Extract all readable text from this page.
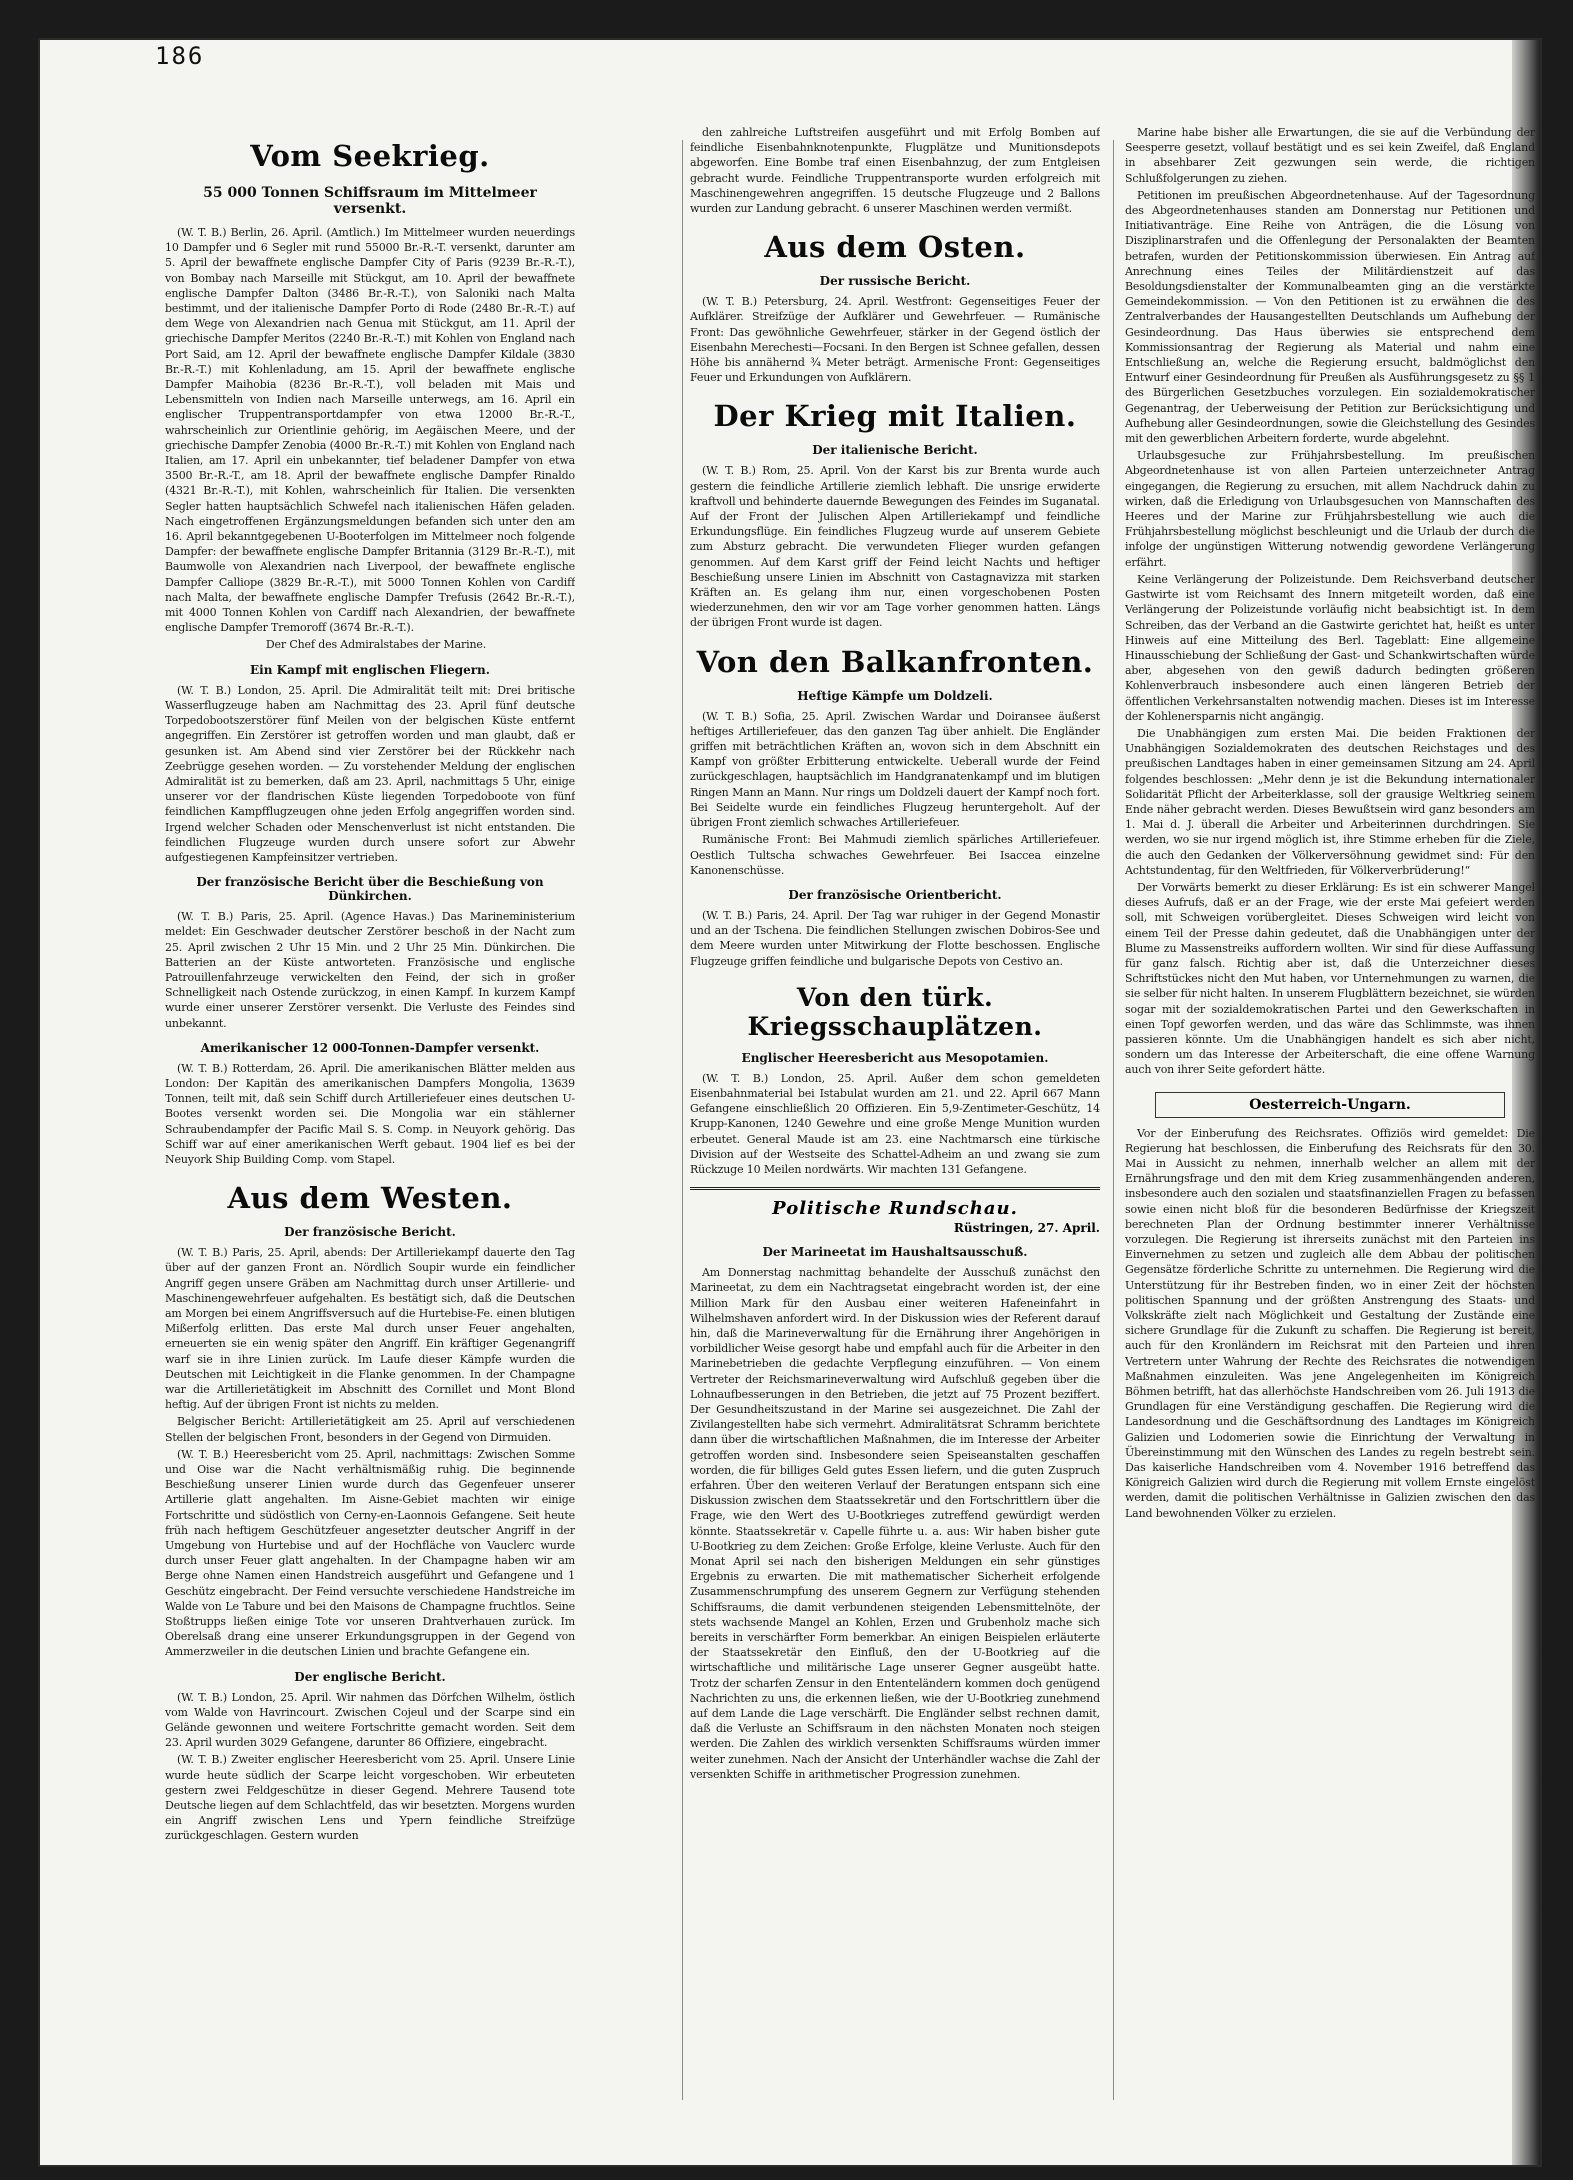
186
Vom Seekrieg.
55 000 Tonnen Schiffsraum im Mittelmeer versenkt.

(W. T. B.) Berlin, 26. April. (Amtlich.) Im Mittelmeer wurden neuerdings 10 Dampfer und 6 Segler mit rund 55000 Br.-R.-T. versenkt, darunter am 5. April der bewaffnete englische Dampfer City of Paris (9239 Br.-R.-T.), von Bombay nach Marseille mit Stückgut, am 10. April der bewaffnete englische Dampfer Dalton (3486 Br.-R.-T.), von Saloniki nach Malta bestimmt, und der italienische Dampfer Porto di Rode (2480 Br.-R.-T.) auf dem Wege von Alexandrien nach Genua mit Stückgut, am 11. April der griechische Dampfer Meritos (2240 Br.-R.-T.) mit Kohlen von England nach Port Said, am 12. April der bewaffnete englische Dampfer Kildale (3830 Br.-R.-T.) mit Kohlenladung, am 15. April der bewaffnete englische Dampfer Maihobia (8236 Br.-R.-T.), voll beladen mit Mais und Lebensmitteln von Indien nach Marseille unterwegs, am 16. April ein englischer Truppentransportdampfer von etwa 12000 Br.-R.-T., wahrscheinlich zur Orientlinie gehörig, im Aegäischen Meere, und der griechische Dampfer Zenobia (4000 Br.-R.-T.) mit Kohlen von England nach Italien, am 17. April ein unbekannter, tief beladener Dampfer von etwa 3500 Br.-R.-T., am 18. April der bewaffnete englische Dampfer Rinaldo (4321 Br.-R.-T.), mit Kohlen, wahrscheinlich für Italien. Die versenkten Segler hatten hauptsächlich Schwefel nach italienischen Häfen geladen. Nach eingetroffenen Ergänzungsmeldungen befanden sich unter den am 16. April bekanntgegebenen U-Booterfolgen im Mittelmeer noch folgende Dampfer: der bewaffnete englische Dampfer Britannia (3129 Br.-R.-T.), mit Baumwolle von Alexandrien nach Liverpool, der bewaffnete englische Dampfer Calliope (3829 Br.-R.-T.), mit 5000 Tonnen Kohlen von Cardiff nach Malta, der bewaffnete englische Dampfer Trefusis (2642 Br.-R.-T.), mit 4000 Tonnen Kohlen von Cardiff nach Alexandrien, der bewaffnete englische Dampfer Tremoroff (3674 Br.-R.-T.).

Der Chef des Admiralstabes der Marine.

Ein Kampf mit englischen Fliegern.

(W. T. B.) London, 25. April. Die Admiralität teilt mit: Drei britische Wasserflugzeuge haben am Nachmittag des 23. April fünf deutsche Torpedobootszerstörer fünf Meilen von der belgischen Küste entfernt angegriffen. Ein Zerstörer ist getroffen worden und man glaubt, daß er gesunken ist. Am Abend sind vier Zerstörer bei der Rückkehr nach Zeebrügge gesehen worden. — Zu vorstehender Meldung der englischen Admiralität ist zu bemerken, daß am 23. April, nachmittags 5 Uhr, einige unserer vor der flandrischen Küste liegenden Torpedoboote von fünf feindlichen Kampfflugzeugen ohne jeden Erfolg angegriffen worden sind. Irgend welcher Schaden oder Menschenverlust ist nicht entstanden. Die feindlichen Flugzeuge wurden durch unsere sofort zur Abwehr aufgestiegenen Kampfeinsitzer vertrieben.

Der französische Bericht über die Beschießung von Dünkirchen.

(W. T. B.) Paris, 25. April. (Agence Havas.) Das Marineministerium meldet: Ein Geschwader deutscher Zerstörer beschoß in der Nacht zum 25. April zwischen 2 Uhr 15 Min. und 2 Uhr 25 Min. Dünkirchen. Die Batterien an der Küste antworteten. Französische und englische Patrouillenfahrzeuge verwickelten den Feind, der sich in großer Schnelligkeit nach Ostende zurückzog, in einen Kampf. In kurzem Kampf wurde einer unserer Zerstörer versenkt. Die Verluste des Feindes sind unbekannt.

Amerikanischer 12 000-Tonnen-Dampfer versenkt.

(W. T. B.) Rotterdam, 26. April. Die amerikanischen Blätter melden aus London: Der Kapitän des amerikanischen Dampfers Mongolia, 13639 Tonnen, teilt mit, daß sein Schiff durch Artilleriefeuer eines deutschen U-Bootes versenkt worden sei. Die Mongolia war ein stählerner Schraubendampfer der Pacific Mail S. S. Comp. in Neuyork gehörig. Das Schiff war auf einer amerikanischen Werft gebaut. 1904 lief es bei der Neuyork Ship Building Comp. vom Stapel.

Aus dem Westen.
Der französische Bericht.

(W. T. B.) Paris, 25. April, abends: Der Artilleriekampf dauerte den Tag über auf der ganzen Front an. Nördlich Soupir wurde ein feindlicher Angriff gegen unsere Gräben am Nachmittag durch unser Artillerie- und Maschinengewehrfeuer aufgehalten. Es bestätigt sich, daß die Deutschen am Morgen bei einem Angriffsversuch auf die Hurtebise-Fe. einen blutigen Mißerfolg erlitten. Das erste Mal durch unser Feuer angehalten, erneuerten sie ein wenig später den Angriff. Ein kräftiger Gegenangriff warf sie in ihre Linien zurück. Im Laufe dieser Kämpfe wurden die Deutschen mit Leichtigkeit in die Flanke genommen. In der Champagne war die Artillerietätigkeit im Abschnitt des Cornillet und Mont Blond heftig. Auf der übrigen Front ist nichts zu melden.

Belgischer Bericht: Artillerietätigkeit am 25. April auf verschiedenen Stellen der belgischen Front, besonders in der Gegend von Dirmuiden.

(W. T. B.) Heeresbericht vom 25. April, nachmittags: Zwischen Somme und Oise war die Nacht verhältnismäßig ruhig. Die beginnende Beschießung unserer Linien wurde durch das Gegenfeuer unserer Artillerie glatt angehalten. Im Aisne-Gebiet machten wir einige Fortschritte und südöstlich von Cerny-en-Laonnois Gefangene. Seit heute früh nach heftigem Geschützfeuer angesetzter deutscher Angriff in der Umgebung von Hurtebise und auf der Hochfläche von Vauclerc wurde durch unser Feuer glatt angehalten. In der Champagne haben wir am Berge ohne Namen einen Handstreich ausgeführt und Gefangene und 1 Geschütz eingebracht. Der Feind versuchte verschiedene Handstreiche im Walde von Le Tabure und bei den Maisons de Champagne fruchtlos. Seine Stoßtrupps ließen einige Tote vor unseren Drahtverhauen zurück. Im Oberelsaß drang eine unserer Erkundungsgruppen in der Gegend von Ammerzweiler in die deutschen Linien und brachte Gefangene ein.

Der englische Bericht.

(W. T. B.) London, 25. April. Wir nahmen das Dörfchen Wilhelm, östlich vom Walde von Havrincourt. Zwischen Cojeul und der Scarpe sind ein Gelände gewonnen und weitere Fortschritte gemacht worden. Seit dem 23. April wurden 3029 Gefangene, darunter 86 Offiziere, eingebracht.

(W. T. B.) Zweiter englischer Heeresbericht vom 25. April. Unsere Linie wurde heute südlich der Scarpe leicht vorgeschoben. Wir erbeuteten gestern zwei Feldgeschütze in dieser Gegend. Mehrere Tausend tote Deutsche liegen auf dem Schlachtfeld, das wir besetzten. Morgens wurden ein Angriff zwischen Lens und Ypern feindliche Streifzüge zurückgeschlagen. Gestern wurden

den zahlreiche Luftstreifen ausgeführt und mit Erfolg Bomben auf feindliche Eisenbahnknotenpunkte, Flugplätze und Munitionsdepots abgeworfen. Eine Bombe traf einen Eisenbahnzug, der zum Entgleisen gebracht wurde. Feindliche Truppentransporte wurden erfolgreich mit Maschinengewehren angegriffen. 15 deutsche Flugzeuge und 2 Ballons wurden zur Landung gebracht. 6 unserer Maschinen werden vermißt.

Aus dem Osten.
Der russische Bericht.

(W. T. B.) Petersburg, 24. April. Westfront: Gegenseitiges Feuer der Aufklärer. Streifzüge der Aufklärer und Gewehrfeuer. — Rumänische Front: Das gewöhnliche Gewehrfeuer, stärker in der Gegend östlich der Eisenbahn Merechesti—Focsani. In den Bergen ist Schnee gefallen, dessen Höhe bis annähernd ¾ Meter beträgt. Armenische Front: Gegenseitiges Feuer und Erkundungen von Aufklärern.

Der Krieg mit Italien.
Der italienische Bericht.

(W. T. B.) Rom, 25. April. Von der Karst bis zur Brenta wurde auch gestern die feindliche Artillerie ziemlich lebhaft. Die unsrige erwiderte kraftvoll und behinderte dauernde Bewegungen des Feindes im Suganatal. Auf der Front der Julischen Alpen Artilleriekampf und feindliche Erkundungsflüge. Ein feindliches Flugzeug wurde auf unserem Gebiete zum Absturz gebracht. Die verwundeten Flieger wurden gefangen genommen. Auf dem Karst griff der Feind leicht Nachts und heftiger Beschießung unsere Linien im Abschnitt von Castagnavizza mit starken Kräften an. Es gelang ihm nur, einen vorgeschobenen Posten wiederzunehmen, den wir vor am Tage vorher genommen hatten. Längs der übrigen Front wurde ist dagen.

Von den Balkanfronten.
Heftige Kämpfe um Doldzeli.

(W. T. B.) Sofia, 25. April. Zwischen Wardar und Doiransee äußerst heftiges Artilleriefeuer, das den ganzen Tag über anhielt. Die Engländer griffen mit beträchtlichen Kräften an, wovon sich in dem Abschnitt ein Kampf von größter Erbitterung entwickelte. Ueberall wurde der Feind zurückgeschlagen, hauptsächlich im Handgranatenkampf und im blutigen Ringen Mann an Mann. Nur rings um Doldzeli dauert der Kampf noch fort. Bei Seidelte wurde ein feindliches Flugzeug heruntergeholt. Auf der übrigen Front ziemlich schwaches Artilleriefeuer.

Rumänische Front: Bei Mahmudi ziemlich spärliches Artilleriefeuer. Oestlich Tultscha schwaches Gewehrfeuer. Bei Isaccea einzelne Kanonenschüsse.

Der französische Orientbericht.

(W. T. B.) Paris, 24. April. Der Tag war ruhiger in der Gegend Monastir und an der Tschena. Die feindlichen Stellungen zwischen Dobiros-See und dem Meere wurden unter Mitwirkung der Flotte beschossen. Englische Flugzeuge griffen feindliche und bulgarische Depots von Cestivo an.

Von den türk. Kriegsschauplätzen.
Englischer Heeresbericht aus Mesopotamien.

(W. T. B.) London, 25. April. Außer dem schon gemeldeten Eisenbahnmaterial bei Istabulat wurden am 21. und 22. April 667 Mann Gefangene einschließlich 20 Offizieren. Ein 5,9-Zentimeter-Geschütz, 14 Krupp-Kanonen, 1240 Gewehre und eine große Menge Munition wurden erbeutet. General Maude ist am 23. eine Nachtmarsch eine türkische Division auf der Westseite des Schattel-Adheim an und zwang sie zum Rückzuge 10 Meilen nordwärts. Wir machten 131 Gefangene.

Politische Rundschau.
Rüstringen, 27. April.
Der Marineetat im Haushaltsausschuß.

Am Donnerstag nachmittag behandelte der Ausschuß zunächst den Marineetat, zu dem ein Nachtragsetat eingebracht worden ist, der eine Million Mark für den Ausbau einer weiteren Hafeneinfahrt in Wilhelmshaven anfordert wird. In der Diskussion wies der Referent darauf hin, daß die Marineverwaltung für die Ernährung ihrer Angehörigen in vorbildlicher Weise gesorgt habe und empfahl auch für die Arbeiter in den Marinebetrieben die gedachte Verpflegung einzuführen. — Von einem Vertreter der Reichsmarineverwaltung wird Aufschluß gegeben über die Lohnaufbesserungen in den Betrieben, die jetzt auf 75 Prozent beziffert. Der Gesundheitszustand in der Marine sei ausgezeichnet. Die Zahl der Zivilangestellten habe sich vermehrt. Admiralitätsrat Schramm berichtete dann über die wirtschaftlichen Maßnahmen, die im Interesse der Arbeiter getroffen worden sind. Insbesondere seien Speiseanstalten geschaffen worden, die für billiges Geld gutes Essen liefern, und die guten Zuspruch erfahren. Über den weiteren Verlauf der Beratungen entspann sich eine Diskussion zwischen dem Staatssekretär und den Fortschrittlern über die Frage, wie den Wert des U-Bootkrieges zutreffend gewürdigt werden könnte. Staatssekretär v. Capelle führte u. a. aus: Wir haben bisher gute U-Bootkrieg zu dem Zeichen: Große Erfolge, kleine Verluste. Auch für den Monat April sei nach den bisherigen Meldungen ein sehr günstiges Ergebnis zu erwarten. Die mit mathematischer Sicherheit erfolgende Zusammenschrumpfung des unserem Gegnern zur Verfügung stehenden Schiffsraums, die damit verbundenen steigenden Lebensmittelnöte, der stets wachsende Mangel an Kohlen, Erzen und Grubenholz mache sich bereits in verschärfter Form bemerkbar. An einigen Beispielen erläuterte der Staatssekretär den Einfluß, den der U-Bootkrieg auf die wirtschaftliche und militärische Lage unserer Gegner ausgeübt hatte. Trotz der scharfen Zensur in den Ententeländern kommen doch genügend Nachrichten zu uns, die erkennen ließen, wie der U-Bootkrieg zunehmend auf dem Lande die Lage verschärft. Die Engländer selbst rechnen damit, daß die Verluste an Schiffsraum in den nächsten Monaten noch steigen werden. Die Zahlen des wirklich versenkten Schiffsraums würden immer weiter zunehmen. Nach der Ansicht der Unterhändler wachse die Zahl der versenkten Schiffe in arithmetischer Progression zunehmen.

Marine habe bisher alle Erwartungen, die sie auf die Verbündung der Seesperre gesetzt, vollauf bestätigt und es sei kein Zweifel, daß England in absehbarer Zeit gezwungen sein werde, die richtigen Schlußfolgerungen zu ziehen.

Petitionen im preußischen Abgeordnetenhause. Auf der Tagesordnung des Abgeordnetenhauses standen am Donnerstag nur Petitionen und Initiativanträge. Eine Reihe von Anträgen, die die Lösung von Disziplinarstrafen und die Offenlegung der Personalakten der Beamten betrafen, wurden der Petitionskommission überwiesen. Ein Antrag auf Anrechnung eines Teiles der Militärdienstzeit auf das Besoldungsdienstalter der Kommunalbeamten ging an die verstärkte Gemeindekommission. — Von den Petitionen ist zu erwähnen die des Zentralverbandes der Hausangestellten Deutschlands um Aufhebung der Gesindeordnung. Das Haus überwies sie entsprechend dem Kommissionsantrag der Regierung als Material und nahm eine Entschließung an, welche die Regierung ersucht, baldmöglichst den Entwurf einer Gesindeordnung für Preußen als Ausführungsgesetz zu §§ 1 des Bürgerlichen Gesetzbuches vorzulegen. Ein sozialdemokratischer Gegenantrag, der Ueberweisung der Petition zur Berücksichtigung und Aufhebung aller Gesindeordnungen, sowie die Gleichstellung des Gesindes mit den gewerblichen Arbeitern forderte, wurde abgelehnt.

Urlaubsgesuche zur Frühjahrsbestellung. Im preußischen Abgeordnetenhause ist von allen Parteien unterzeichneter Antrag eingegangen, die Regierung zu ersuchen, mit allem Nachdruck dahin zu wirken, daß die Erledigung von Urlaubsgesuchen von Mannschaften des Heeres und der Marine zur Frühjahrsbestellung wie auch die Frühjahrsbestellung möglichst beschleunigt und die Urlaub der durch die infolge der ungünstigen Witterung notwendig gewordene Verlängerung erfährt.

Keine Verlängerung der Polizeistunde. Dem Reichsverband deutscher Gastwirte ist vom Reichsamt des Innern mitgeteilt worden, daß eine Verlängerung der Polizeistunde vorläufig nicht beabsichtigt ist. In dem Schreiben, das der Verband an die Gastwirte gerichtet hat, heißt es unter Hinweis auf eine Mitteilung des Berl. Tageblatt: Eine allgemeine Hinausschiebung der Schließung der Gast- und Schankwirtschaften würde aber, abgesehen von den gewiß dadurch bedingten größeren Kohlenverbrauch insbesondere auch einen längeren Betrieb der öffentlichen Verkehrsanstalten notwendig machen. Dieses ist im Interesse der Kohlenersparnis nicht angängig.

Die Unabhängigen zum ersten Mai. Die beiden Fraktionen der Unabhängigen Sozialdemokraten des deutschen Reichstages und des preußischen Landtages haben in einer gemeinsamen Sitzung am 24. April folgendes beschlossen: „Mehr denn je ist die Bekundung internationaler Solidarität Pflicht der Arbeiterklasse, soll der grausige Weltkrieg seinem Ende näher gebracht werden. Dieses Bewußtsein wird ganz besonders am 1. Mai d. J. überall die Arbeiter und Arbeiterinnen durchdringen. Sie werden, wo sie nur irgend möglich ist, ihre Stimme erheben für die Ziele, die auch den Gedanken der Völkerversöhnung gewidmet sind: Für den Achtstundentag, für den Weltfrieden, für Völkerverbrüderung!“

Der Vorwärts bemerkt zu dieser Erklärung: Es ist ein schwerer Mangel dieses Aufrufs, daß er an der Frage, wie der erste Mai gefeiert werden soll, mit Schweigen vorübergleitet. Dieses Schweigen wird leicht von einem Teil der Presse dahin gedeutet, daß die Unabhängigen unter der Blume zu Massenstreiks auffordern wollten. Wir sind für diese Auffassung für ganz falsch. Richtig aber ist, daß die Unterzeichner dieses Schriftstückes nicht den Mut haben, vor Unternehmungen zu warnen, die sie selber für nicht halten. In unserem Flugblättern bezeichnet, sie würden sogar mit der sozialdemokratischen Partei und den Gewerkschaften in einen Topf geworfen werden, und das wäre das Schlimmste, was ihnen passieren könnte. Um die Unabhängigen handelt es sich aber nicht, sondern um das Interesse der Arbeiterschaft, die eine offene Warnung auch von ihrer Seite gefordert hätte.

Oesterreich-Ungarn.

Vor der Einberufung des Reichsrates. Offiziös wird gemeldet: Die Regierung hat beschlossen, die Einberufung des Reichsrats für den 30. Mai in Aussicht zu nehmen, innerhalb welcher an allem mit der Ernährungsfrage und den mit dem Krieg zusammenhängenden anderen, insbesondere auch den sozialen und staatsfinanziellen Fragen zu befassen sowie einen nicht bloß für die besonderen Bedürfnisse der Kriegszeit berechneten Plan der Ordnung bestimmter innerer Verhältnisse vorzulegen. Die Regierung ist ihrerseits zunächst mit den Parteien ins Einvernehmen zu setzen und zugleich alle dem Abbau der politischen Gegensätze förderliche Schritte zu unternehmen. Die Regierung wird die Unterstützung für ihr Bestreben finden, wo in einer Zeit der höchsten politischen Spannung und der größten Anstrengung des Staats- und Volkskräfte zielt nach Möglichkeit und Gestaltung der Zustände eine sichere Grundlage für die Zukunft zu schaffen. Die Regierung ist bereit, auch für den Kronländern im Reichsrat mit den Parteien und ihren Vertretern unter Wahrung der Rechte des Reichsrates die notwendigen Maßnahmen einzuleiten. Was jene Angelegenheiten im Königreich Böhmen betrifft, hat das allerhöchste Handschreiben vom 26. Juli 1913 die Grundlagen für eine Verständigung geschaffen. Die Regierung wird die Landesordnung und die Geschäftsordnung des Landtages im Königreich Galizien und Lodomerien sowie die Einrichtung der Verwaltung in Übereinstimmung mit den Wünschen des Landes zu regeln bestrebt sein. Das kaiserliche Handschreiben vom 4. November 1916 betreffend das Königreich Galizien wird durch die Regierung mit vollem Ernste eingelöst werden, damit die politischen Verhältnisse in Galizien zwischen den das Land bewohnenden Völker zu erzielen.
